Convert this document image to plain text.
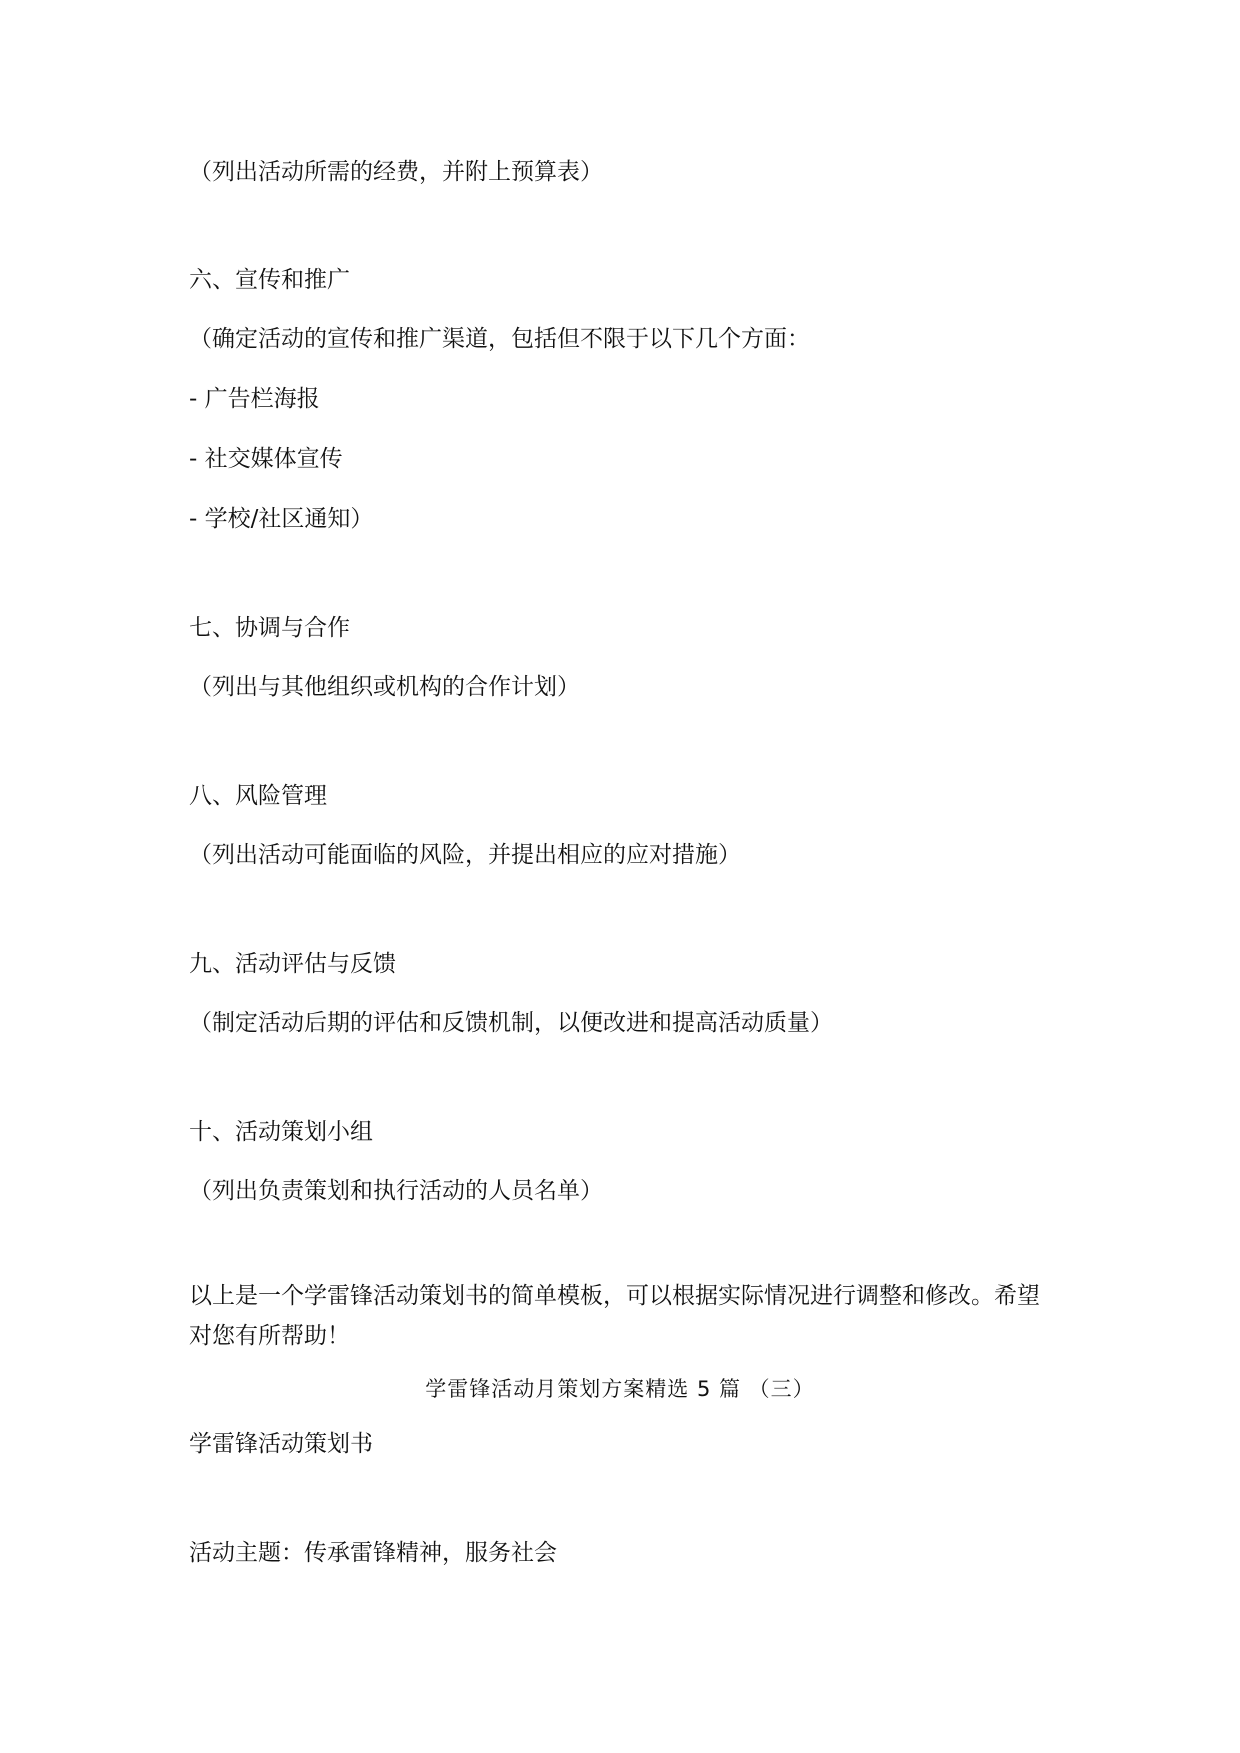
（列出活动所需的经费，并附上预算表）

六、宣传和推广

（确定活动的宣传和推广渠道，包括但不限于以下几个方面：

- 广告栏海报

- 社交媒体宣传

- 学校/社区通知）

七、协调与合作

（列出与其他组织或机构的合作计划）

八、风险管理

（列出活动可能面临的风险，并提出相应的应对措施）

九、活动评估与反馈

（制定活动后期的评估和反馈机制，以便改进和提高活动质量）

十、活动策划小组

（列出负责策划和执行活动的人员名单）

以上是一个学雷锋活动策划书的简单模板，可以根据实际情况进行调整和修改。希望对您有所帮助！

学雷锋活动月策划方案精选 5 篇 （三）

学雷锋活动策划书

活动主题：传承雷锋精神，服务社会
